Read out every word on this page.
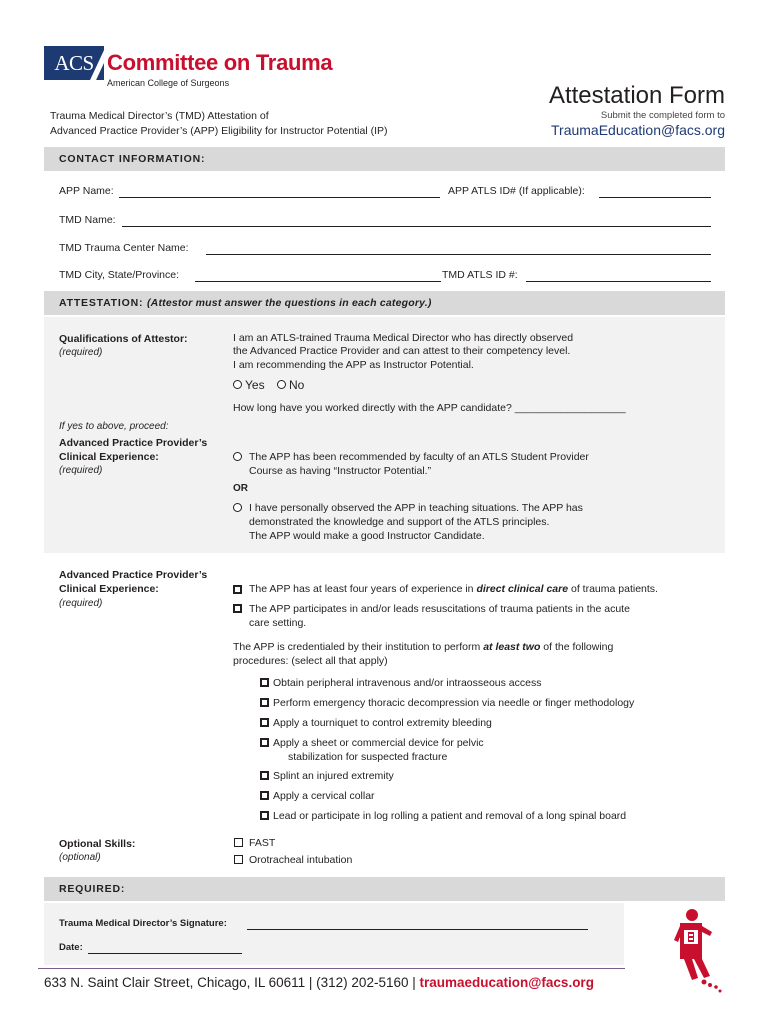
ACS Committee on Trauma
American College of Surgeons	Attestation Form
Submit the completed form to
TraumaEducation@facs.org
Trauma Medical Director’s (TMD) Attestation of
Advanced Practice Provider’s (APP) Eligibility for Instructor Potential (IP)
CONTACT INFORMATION:
APP Name:	APP ATLS ID# (If applicable):
TMD Name:
TMD Trauma Center Name:
TMD City, State/Province:	TMD ATLS ID #:
ATTESTATION: (Attestor must answer the questions in each category.)
Qualifications of Attestor:
(required)
I am an ATLS-trained Trauma Medical Director who has directly observed
the Advanced Practice Provider and can attest to their competency level.
I am recommending the APP as Instructor Potential.
Yes No
How long have you worked directly with the APP candidate? ___________________
If yes to above, proceed:
Advanced Practice Provider’s
Clinical Experience:
(required)
The APP has been recommended by faculty of an ATLS Student Provider
Course as having “Instructor Potential.”
OR
I have personally observed the APP in teaching situations. The APP has
demonstrated the knowledge and support of the ATLS principles.
The APP would make a good Instructor Candidate.
Advanced Practice Provider’s
Clinical Experience:
(required)
The APP has at least four years of experience in direct clinical care of trauma patients.
The APP participates in and/or leads resuscitations of trauma patients in the acute
care setting.
The APP is credentialed by their institution to perform at least two of the following
procedures: (select all that apply)
Obtain peripheral intravenous and/or intraosseous access
Perform emergency thoracic decompression via needle or finger methodology
Apply a tourniquet to control extremity bleeding
Apply a sheet or commercial device for pelvic
stabilization for suspected fracture
Splint an injured extremity
Apply a cervical collar
Lead or participate in log rolling a patient and removal of a long spinal board
Optional Skills:
(optional)
FAST
Orotracheal intubation
REQUIRED:
Trauma Medical Director’s Signature:
Date:
633 N. Saint Clair Street, Chicago, IL 60611 | (312) 202-5160 | traumaeducation@facs.org
